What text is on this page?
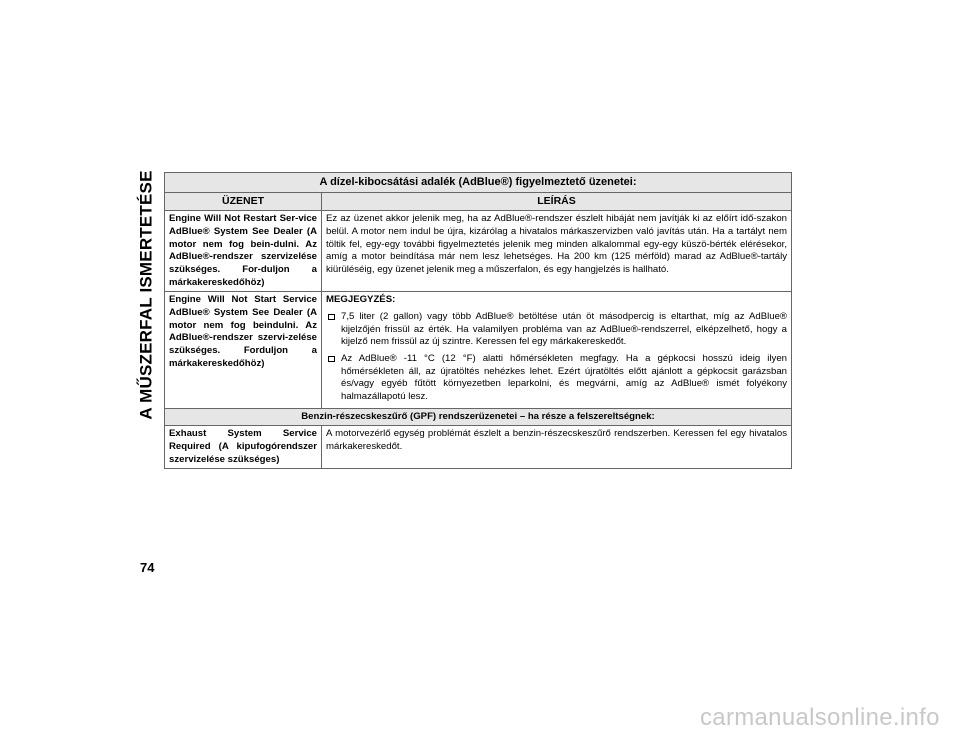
A MŰSZERFAL ISMERTETÉSE	A dízel-kibocsátási adalék (AdBlue®) figyelmeztető üzenetei:	
ÜZENET	LEÍRÁS
Engine Will Not Restart Ser-vice AdBlue® System See Dealer (A motor nem fog bein-dulni. Az AdBlue®-rendszer szervizelése szükséges. For-duljon a márkakereskedőhöz)	Ez az üzenet akkor jelenik meg, ha az AdBlue®-rendszer észlelt hibáját nem javítják ki az előírt idő-szakon belül. A motor nem indul be újra, kizárólag a hivatalos márkaszervizben való javítás után. Ha a tartályt nem töltik fel, egy-egy további figyelmeztetés jelenik meg minden alkalommal egy-egy küszö-bérték elérésekor, amíg a motor beindítása már nem lesz lehetséges. Ha 200 km (125 mérföld) marad az AdBlue®-tartály kiürüléséig, egy üzenet jelenik meg a műszerfalon, és egy hangjelzés is hallható.
Engine Will Not Start Service AdBlue® System See Dealer (A motor nem fog beindulni. Az AdBlue®-rendszer szervi-zelése szükséges. Forduljon a márkakereskedőhöz)	MEGJEGYZÉS:
7,5 liter (2 gallon) vagy több AdBlue® betöltése után öt másodpercig is eltarthat, míg az AdBlue® kijelzőjén frissül az érték. Ha valamilyen probléma van az AdBlue®-rendszerrel, elképzelhető, hogy a kijelző nem frissül az új szintre. Keressen fel egy márkakereskedőt.
Az AdBlue® -11 °C (12 °F) alatti hőmérsékleten megfagy. Ha a gépkocsi hosszú ideig ilyen hőmérsékleten áll, az újratöltés nehézkes lehet. Ezért újratöltés előtt ajánlott a gépkocsit garázsban és/vagy egyéb fűtött környezetben leparkolni, és megvárni, amíg az AdBlue® ismét folyékony halmazállapotú lesz.

Benzin-részecskeszűrő (GPF) rendszerüzenetei – ha része a felszereltségnek:	
Exhaust System Service Required (A kipufogórendszer szervizelése szükséges)	A motorvezérlő egység problémát észlelt a benzin-részecskeszűrő rendszerben. Keressen fel egy hivatalos márkakereskedőt.
74
carmanualsonline.info
